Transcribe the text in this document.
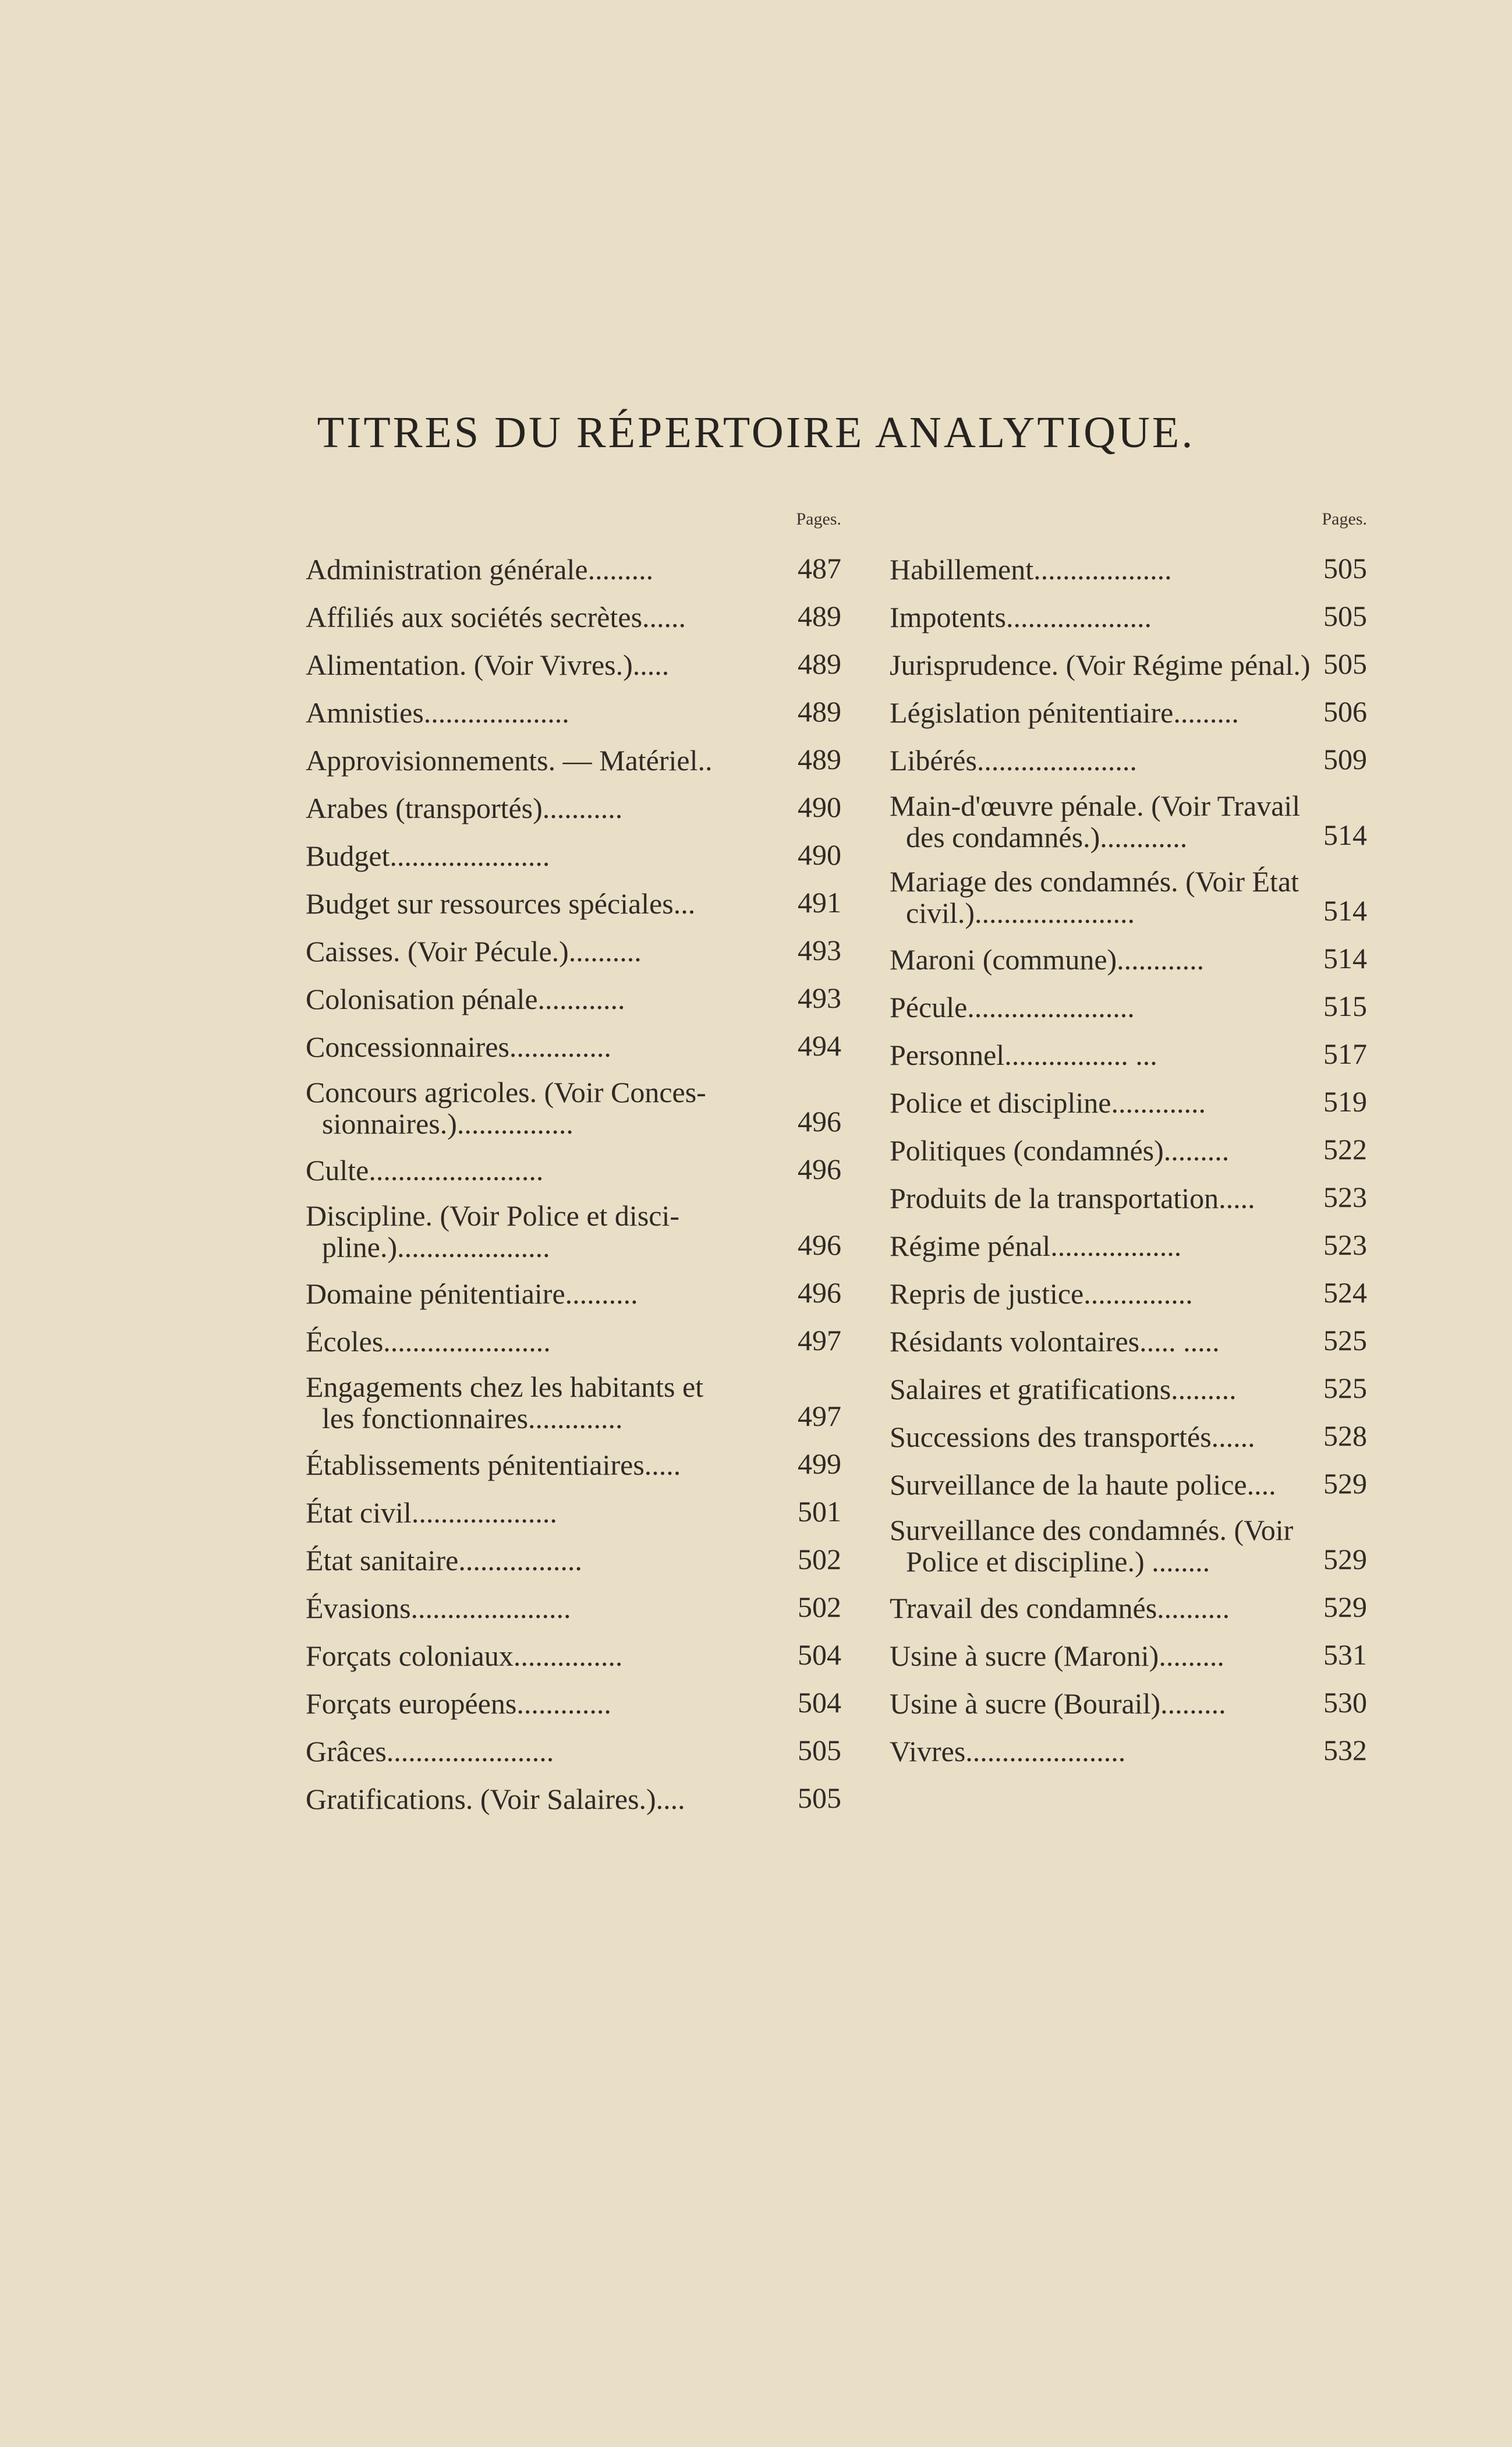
TITRES DU RÉPERTOIRE ANALYTIQUE.
Pages.
Administration générale.........	487
Affiliés aux sociétés secrètes......	489
Alimentation. (Voir Vivres.).....	489
Amnisties....................	489
Approvisionnements. — Matériel..	489
Arabes (transportés)...........	490
Budget......................	490
Budget sur ressources spéciales...	491
Caisses. (Voir Pécule.)..........	493
Colonisation pénale............	493
Concessionnaires..............	494
Concours agricoles. (Voir Conces-
sionnaires.)................	496
Culte........................	496
Discipline. (Voir Police et disci-
pline.).....................	496
Domaine pénitentiaire..........	496
Écoles.......................	497
Engagements chez les habitants et
les fonctionnaires.............	497
Établissements pénitentiaires.....	499
État civil....................	501
État sanitaire.................	502
Évasions......................	502
Forçats coloniaux...............	504
Forçats européens.............	504
Grâces.......................	505
Gratifications. (Voir Salaires.)....	505
Pages.
Habillement...................	505
Impotents....................	505
Jurisprudence. (Voir Régime pénal.) 505
Législation pénitentiaire.........	506
Libérés......................	509
Main-d'œuvre pénale. (Voir Travail
des condamnés.)............	514
Mariage des condamnés. (Voir État
civil.)......................	514
Maroni (commune)............	514
Pécule.......................	515
Personnel................. ...	517
Police et discipline.............	519
Politiques (condamnés).........	522
Produits de la transportation.....	523
Régime pénal..................	523
Repris de justice...............	524
Résidants volontaires..... .....	525
Salaires et gratifications.........	525
Successions des transportés......	528
Surveillance de la haute police....	529
Surveillance des condamnés. (Voir
Police et discipline.) ........	529
Travail des condamnés..........	529
Usine à sucre (Maroni).........	531
Usine à sucre (Bourail).........	530
Vivres......................	532
